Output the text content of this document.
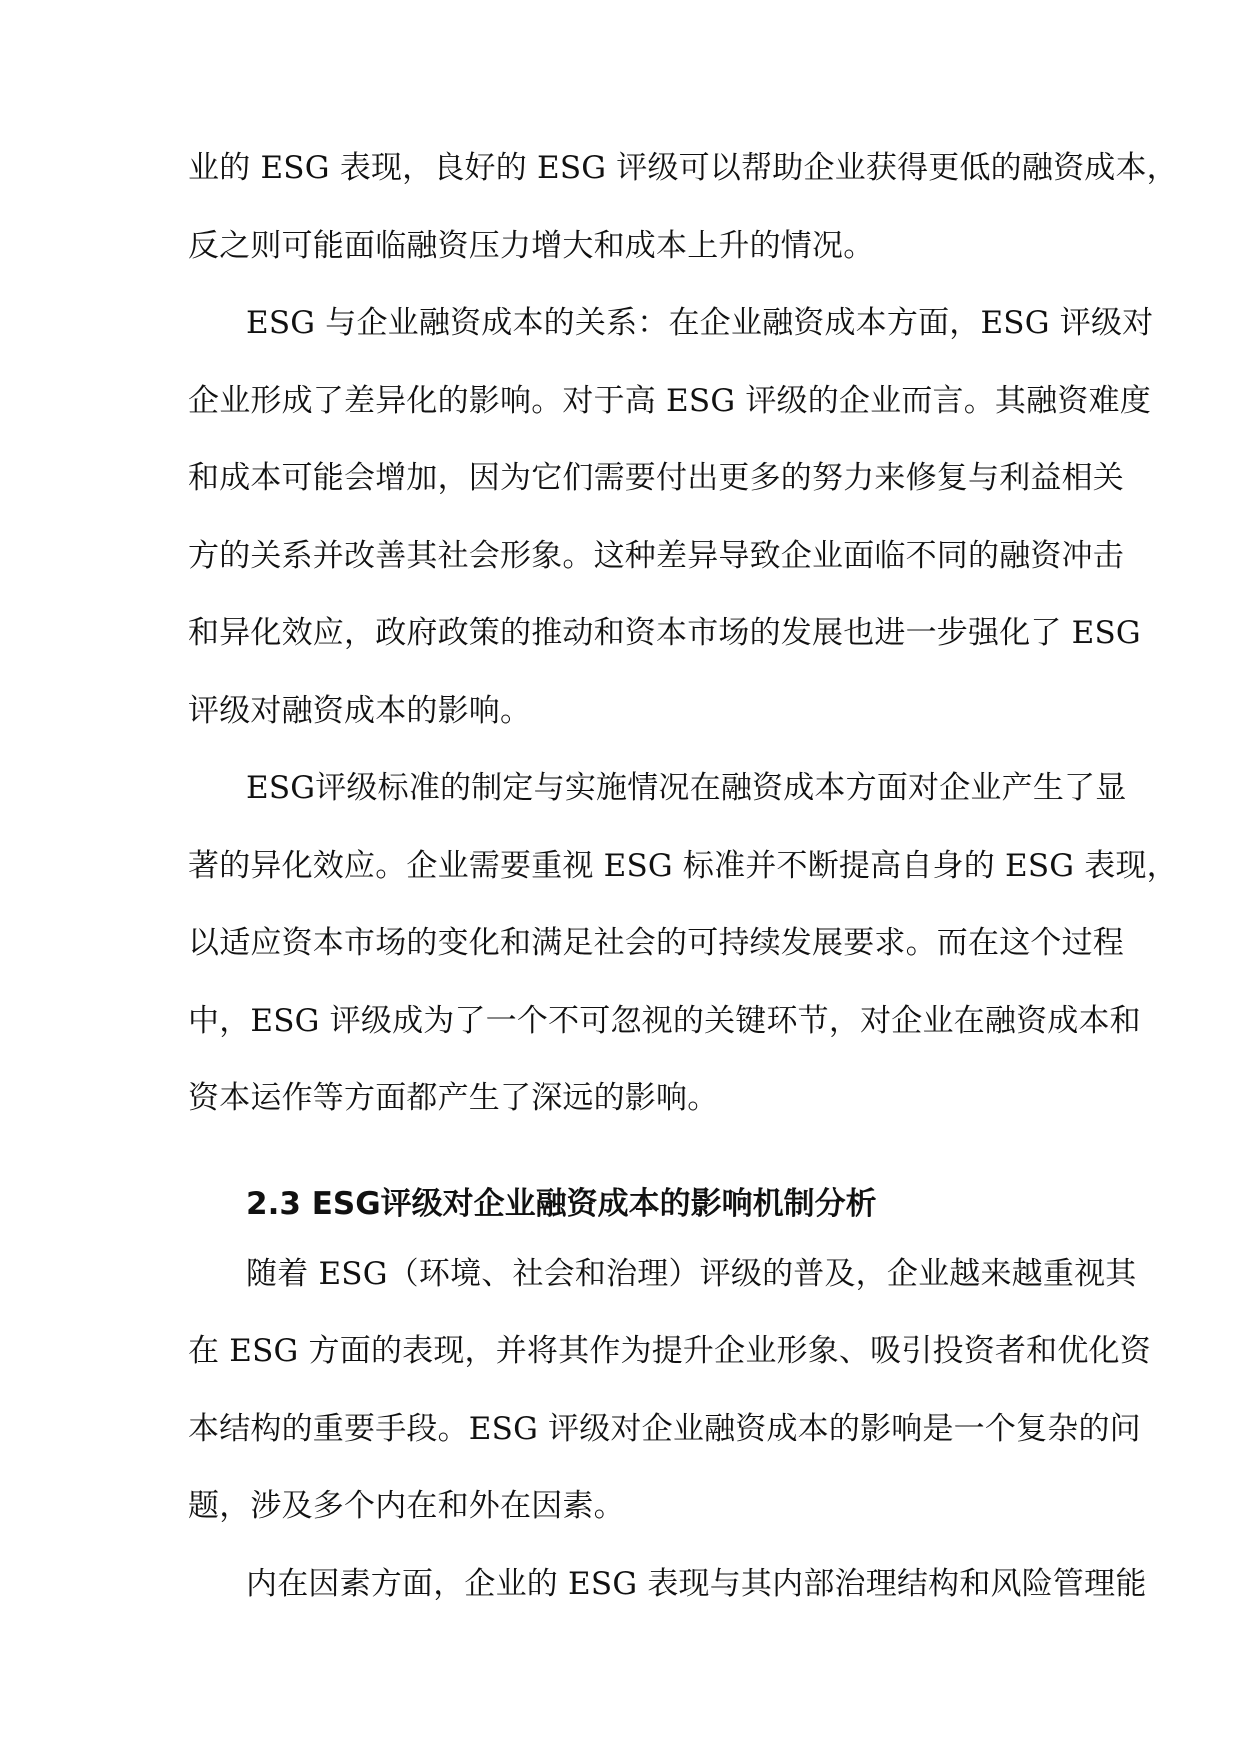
业的 ESG 表现，良好的 ESG 评级可以帮助企业获得更低的融资成本，
反之则可能面临融资压力增大和成本上升的情况。
ESG 与企业融资成本的关系：在企业融资成本方面，ESG 评级对
企业形成了差异化的影响。对于高 ESG 评级的企业而言。其融资难度
和成本可能会增加，因为它们需要付出更多的努力来修复与利益相关
方的关系并改善其社会形象。这种差异导致企业面临不同的融资冲击
和异化效应，政府政策的推动和资本市场的发展也进一步强化了 ESG
评级对融资成本的影响。
ESG评级标准的制定与实施情况在融资成本方面对企业产生了显
著的异化效应。企业需要重视 ESG 标准并不断提高自身的 ESG 表现，
以适应资本市场的变化和满足社会的可持续发展要求。而在这个过程
中，ESG 评级成为了一个不可忽视的关键环节，对企业在融资成本和
资本运作等方面都产生了深远的影响。
2.3 ESG评级对企业融资成本的影响机制分析
随着 ESG（环境、社会和治理）评级的普及，企业越来越重视其
在 ESG 方面的表现，并将其作为提升企业形象、吸引投资者和优化资
本结构的重要手段。ESG 评级对企业融资成本的影响是一个复杂的问
题，涉及多个内在和外在因素。
内在因素方面，企业的 ESG 表现与其内部治理结构和风险管理能
